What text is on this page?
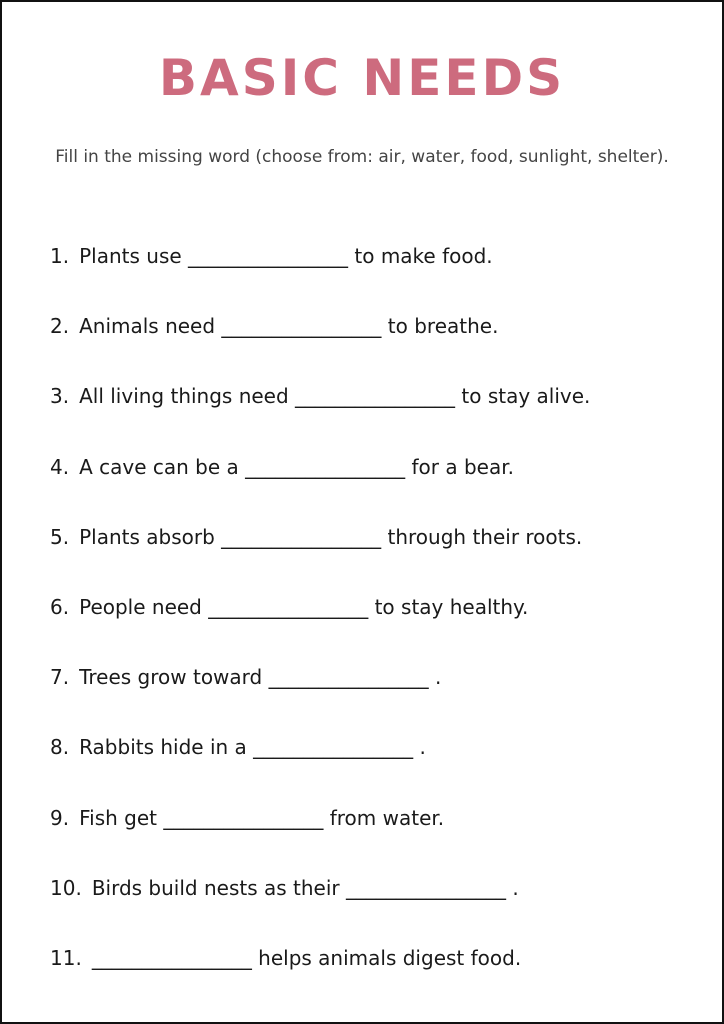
BASIC NEEDS

Fill in the missing word (choose from: air, water, food, sunlight, shelter).

1. Plants use ________________ to make food.
2. Animals need ________________ to breathe.
3. All living things need ________________ to stay alive.
4. A cave can be a ________________ for a bear.
5. Plants absorb ________________ through their roots.
6. People need ________________ to stay healthy.
7. Trees grow toward ________________ .
8. Rabbits hide in a ________________ .
9. Fish get ________________ from water.
10. Birds build nests as their ________________ .
11. ________________ helps animals digest food.
